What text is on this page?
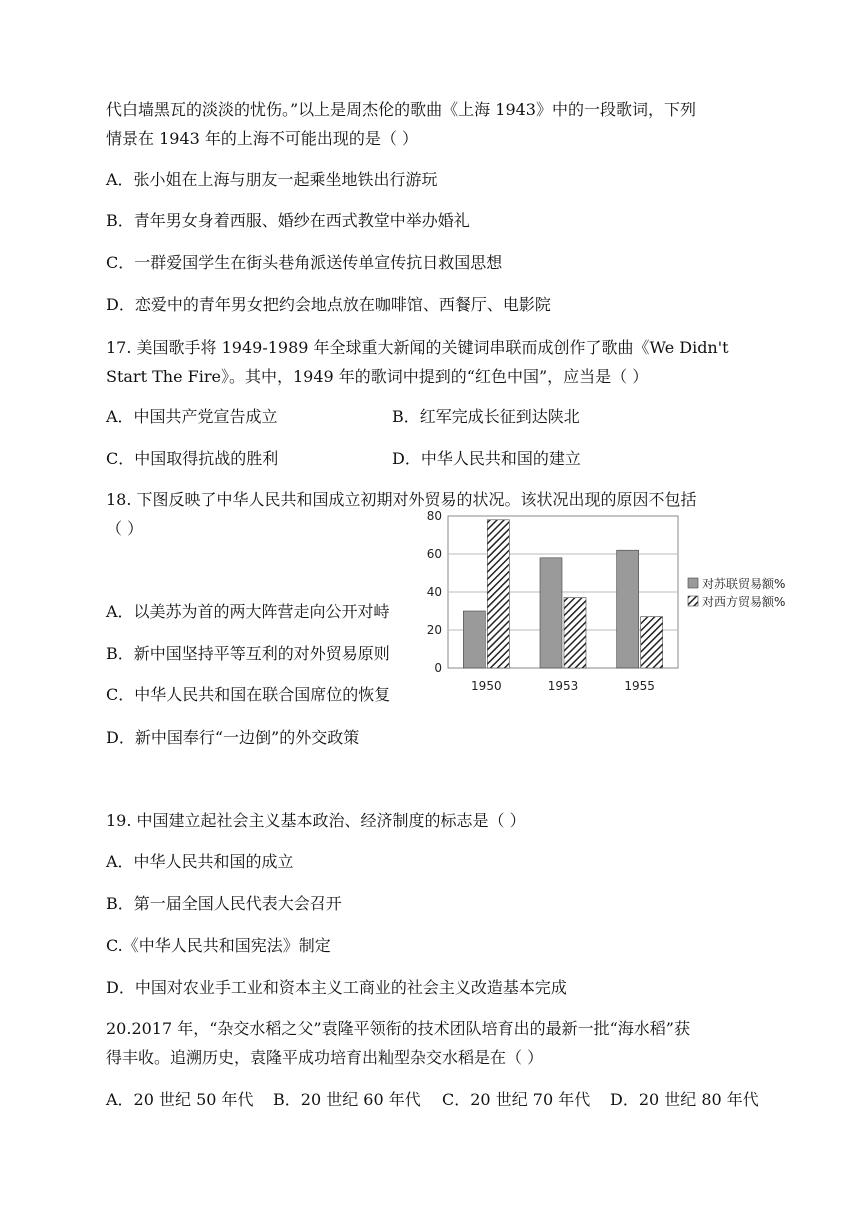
代白墙黑瓦的淡淡的忧伤。”以上是周杰伦的歌曲《上海 1943》中的一段歌词，下列
情景在 1943 年的上海不可能出现的是（ ）
A．张小姐在上海与朋友一起乘坐地铁出行游玩
B．青年男女身着西服、婚纱在西式教堂中举办婚礼
C．一群爱国学生在街头巷角派送传单宣传抗日救国思想
D．恋爱中的青年男女把约会地点放在咖啡馆、西餐厅、电影院
17. 美国歌手将 1949-1989 年全球重大新闻的关键词串联而成创作了歌曲《We Didn't
Start The Fire》。其中，1949 年的歌词中提到的“红色中国”，应当是（ ）
A．中国共产党宣告成立	B．红军完成长征到达陕北
C．中国取得抗战的胜利	D．中华人民共和国的建立
18. 下图反映了中华人民共和国成立初期对外贸易的状况。该状况出现的原因不包括
（ ）
A．以美苏为首的两大阵营走向公开对峙
B．新中国坚持平等互利的对外贸易原则
C．中华人民共和国在联合国席位的恢复
D．新中国奉行“一边倒”的外交政策
0
20
40
60
80
1950	1953	1955
对苏联贸易额%
对西方贸易额%
19. 中国建立起社会主义基本政治、经济制度的标志是（ ）
A．中华人民共和国的成立
B．第一届全国人民代表大会召开
C.《中华人民共和国宪法》制定
D．中国对农业手工业和资本主义工商业的社会主义改造基本完成
20.2017 年，“杂交水稻之父”袁隆平领衔的技术团队培育出的最新一批“海水稻”获
得丰收。追溯历史，袁隆平成功培育出籼型杂交水稻是在（ ）
A．20 世纪 50 年代 B．20 世纪 60 年代 C．20 世纪 70 年代 D．20 世纪 80 年代
